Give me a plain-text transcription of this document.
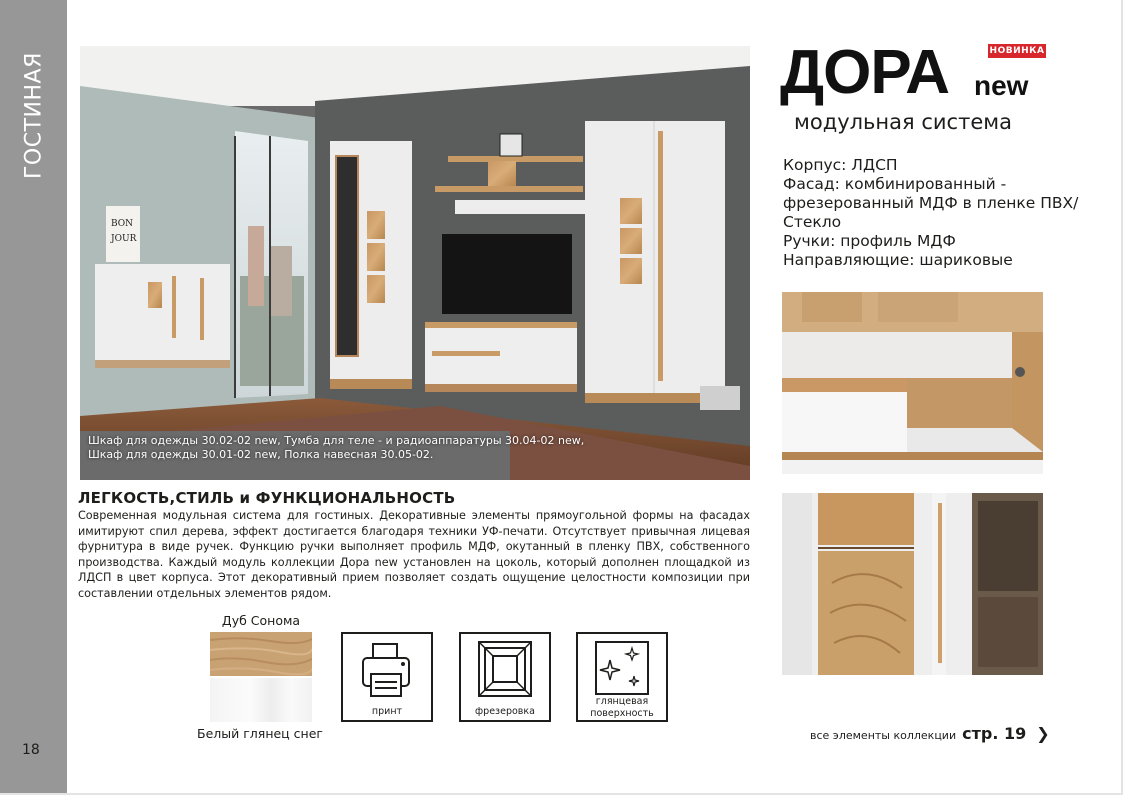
ГОСТИНАЯ
18
BON
JOUR
Шкаф для одежды 30.02-02 new, Тумба для теле - и радиоаппаратуры 30.04-02 new,
Шкаф для одежды 30.01-02 new, Полка навесная 30.05-02.
ДОРА new
НОВИНКА
модульная система
Корпус: ЛДСП
Фасад: комбинированный -
фрезерованный МДФ в пленке ПВХ/
Стекло
Ручки: профиль МДФ
Направляющие: шариковые
ЛЕГКОСТЬ,СТИЛЬ и ФУНКЦИОНАЛЬНОСТЬ
Современная модульная система для гостиных. Декоративные элементы прямоугольной формы на фасадах имитируют спил дерева, эффект достигается благодаря техники УФ-печати. Отсутствует привычная лицевая фурнитура в виде ручек. Функцию ручки выполняет профиль МДФ, окутанный в пленку ПВХ, собственного производства. Каждый модуль коллекции Дора new установлен на цоколь, который дополнен площадкой из ЛДСП в цвет корпуса. Этот декоративный прием позволяет создать ощущение целостности композиции при составлении отдельных элементов рядом.
Дуб Сонома
Белый глянец снег
принт	фрезеровка
глянцевая
поверхность
все элементы коллекции стр. 19 ❯
